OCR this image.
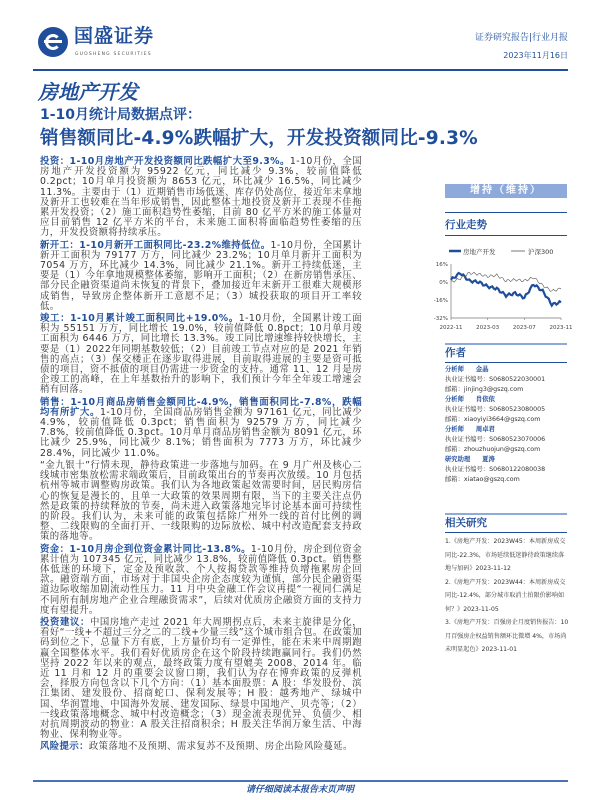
国盛证券
GUOSHENG SECURITIES
证券研究报告|行业月报
2023年11月16日
房地产开发
1-10月统计局数据点评：
销售额同比-4.9%跌幅扩大，开发投资额同比-9.3%

投资：1-10月房地产开发投资额同比跌幅扩大至9.3%。1-10月份，全国房地产开发投资额为 95922 亿元，同比减少 9.3%，较前值降低 0.2pct；10月单月投资额为 8653 亿元，环比减少 16.5%，同比减少 11.3%。主要由于（1）近期销售市场低迷、库存仍处高位，接近年末拿地及新开工也较难在当年形成销售，因此整体土地投资及新开工表现不佳拖累开发投资；（2）施工面积趋势性萎缩，目前 80 亿平方米的施工体量对应目前销售 12 亿平方米的平台，未来施工面积将面临趋势性萎缩的压力，开发投资额将持续承压。

新开工：1-10月新开工面积同比-23.2%维持低位。1-10月份，全国累计新开工面积为 79177 万方，同比减少 23.2%；10月单月新开工面积为 7054 万方，环比减少 14.3%，同比减少 21.1%。新开工持续低迷，主要是（1）今年拿地规模整体萎缩，影响开工面积；（2）在新房销售承压、部分民企融资渠道尚未恢复的背景下，叠加接近年末新开工很难大规模形成销售，导致房企整体新开工意愿不足；（3）城投获取的项目开工率较低。

竣工：1-10月累计竣工面积同比+19.0%。1-10月份，全国累计竣工面积为 55151 万方，同比增长 19.0%，较前值降低 0.8pct；10月单月竣工面积为 6446 万方，同比增长 13.3%。竣工同比增速维持较快增长，主要是（1）2022年同期基数较低；（2）目前竣工节点对应的是 2021 年销售的高点；（3）保交楼正在逐步取得进展，目前取得进展的主要是资可抵债的项目，资不抵债的项目仍需进一步资金的支持。通常 11、12 月是房企竣工的高峰，在上年基数抬升的影响下，我们预计今年全年竣工增速会稍有回落。

销售：1-10月商品房销售金额同比-4.9%，销售面积同比-7.8%，跌幅均有所扩大。1-10月份，全国商品房销售金额为 97161 亿元，同比减少 4.9%，较前值降低 0.3pct；销售面积为 92579 万方，同比减少 7.8%，较前值降低 0.3pct。10月单月商品房销售金额为 8091 亿元，环比减少 25.9%，同比减少 8.1%；销售面积为 7773 万方，环比减少 28.4%，同比减少 11.0%。

“金九银十”行情未现，静待政策进一步落地与加码。在 9 月广州及核心二线城市密集放松需求端政策后，目前政策出台的节奏再次放缓。10 月包括杭州等城市调整购房政策。我们认为各地政策起效需要时间，居民购房信心的恢复是漫长的，且单一大政策的效果周期有限，当下的主要关注点仍然是政策的持续释放的节奏，尚未进入政策落地完毕讨论基本面可持续性的阶段。我们认为，未来可能的政策包括除广州外一线的首付比例的调整、二线限购的全面打开、一线限购的边际放松、城中村改造配套支持政策的落地等。

资金：1-10月房企到位资金累计同比-13.8%。1-10月份，房企到位资金累计值为 107345 亿元，同比减少 13.8%，较前值降低 0.3pct。销售整体低迷的环境下，定金及预收款、个人按揭贷款等维持负增拖累房企回款。融资端方面，市场对于非国央企房企态度较为谨慎，部分民企融资渠道边际收缩加剧流动性压力。11 月中央金融工作会议再提“一视同仁满足不同所有制房地产企业合理融资需求”，后续对优质房企融资方面的支持力度有望提升。

投资建议：中国房地产走过 2021 年大周期拐点后，未来主旋律是分化，看好“一线+不超过三分之二的二线+少量三线”这个城市组合包。在政策加码到位之下，总量下方有底，上方量价均有一定弹性，能在未来中周期跑赢全国整体水平。我们看好优质房企在这个阶段持续跑赢同行。我们仍然坚持 2022 年以来的观点，最终政策力度有望媲美 2008、2014 年。临近 11 月和 12 月的重要会议窗口期，我们认为存在博弈政策的反弹机会，择股方向包含以下几个方向：（1）基本面股票：A 股：华发股份、滨江集团、建发股份、招商蛇口、保利发展等；H 股：越秀地产、绿城中国、华润置地、中国海外发展、建发国际、绿景中国地产、贝壳等；（2）一线政策落地概念、城中村改造概念；（3）现金流表现优异、负债少、相对抗周期波动的物业：A 股关注招商积余；H 股关注华润万象生活、中海物业、保利物业等。

风险提示：政策落地不及预期、需求复苏不及预期、房企出险风险蔓延。

增持（维持）
行业走势
房地产开发	沪深300
16%
0%
-16%
-32%
2022-11 2023-03 2023-07 2023-11
作者
分析师 金晶
执业证书编号：S0680522030001
邮箱：jinjing3@gszq.com
分析师 肖依依
执业证书编号：S0680523080005
邮箱：xiaoyiyi3664@gszq.com
分析师 周卓君
执业证书编号：S0680523070006
邮箱：zhouzhuojun@gszq.com
研究助理 夏涛
执业证书编号：S0680122080038
邮箱：xiatao@gszq.com
相关研究
1.《房地产开发：2023W45：本周新房成交同比-22.3%，市场延续低迷静待政策继续落地与加码》2023-11-12
2.《房地产开发：2023W44：本周新房成交同比-12.4%，部分城市取消土拍限价影响如何？》2023-11-05
3.《房地产开发：百强房企月度销售报告：10 月百强房企权益销售额环比微增 4%，市场尚未明显起色》2023-11-01
请仔细阅读本报告末页声明
